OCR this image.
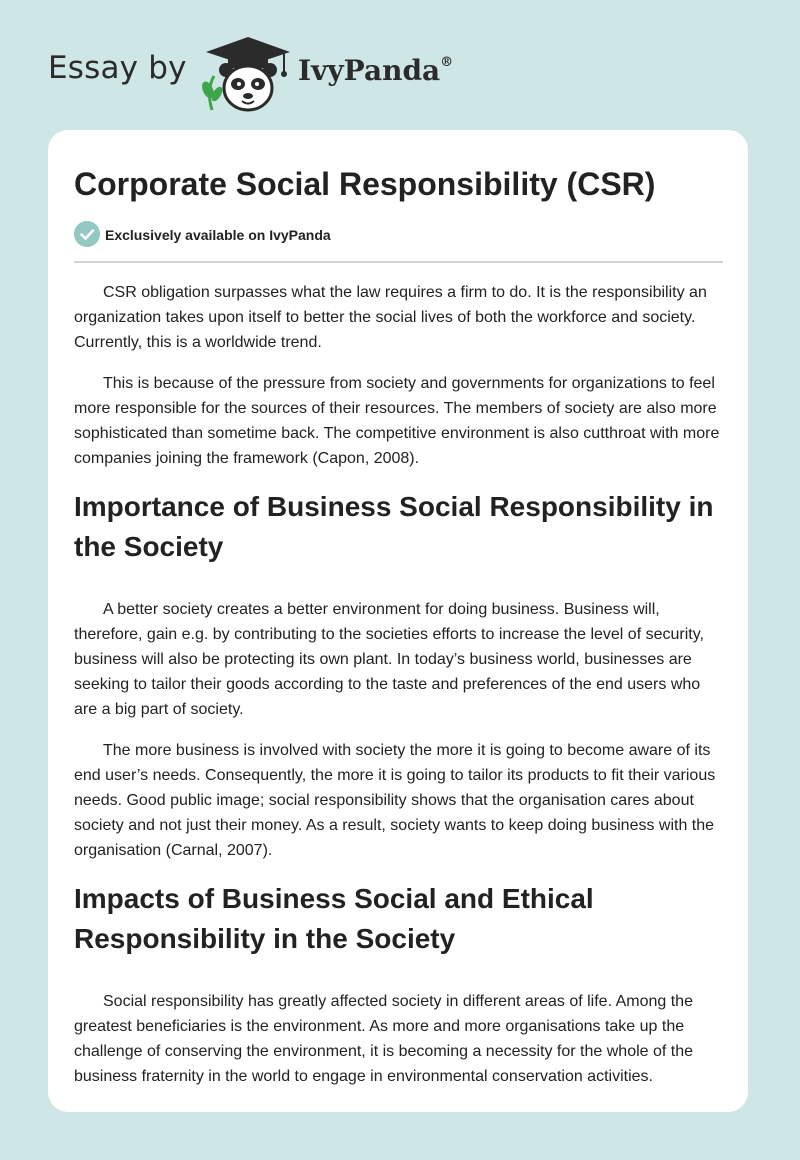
Essay by	IvyPanda®
Corporate Social Responsibility (CSR)
Exclusively available on IvyPanda

CSR obligation surpasses what the law requires a firm to do. It is the responsibility an organization takes upon itself to better the social lives of both the workforce and society. Currently, this is a worldwide trend.

This is because of the pressure from society and governments for organizations to feel more responsible for the sources of their resources. The members of society are also more sophisticated than sometime back. The competitive environment is also cutthroat with more companies joining the framework (Capon, 2008).

Importance of Business Social Responsibility in the Society

A better society creates a better environment for doing business. Business will, therefore, gain e.g. by contributing to the societies efforts to increase the level of security, business will also be protecting its own plant. In today’s business world, businesses are seeking to tailor their goods according to the taste and preferences of the end users who are a big part of society.

The more business is involved with society the more it is going to become aware of its end user’s needs. Consequently, the more it is going to tailor its products to fit their various needs. Good public image; social responsibility shows that the organisation cares about society and not just their money. As a result, society wants to keep doing business with the organisation (Carnal, 2007).

Impacts of Business Social and Ethical Responsibility in the Society

Social responsibility has greatly affected society in different areas of life. Among the greatest beneficiaries is the environment. As more and more organisations take up the challenge of conserving the environment, it is becoming a necessity for the whole of the business fraternity in the world to engage in environmental conservation activities.
